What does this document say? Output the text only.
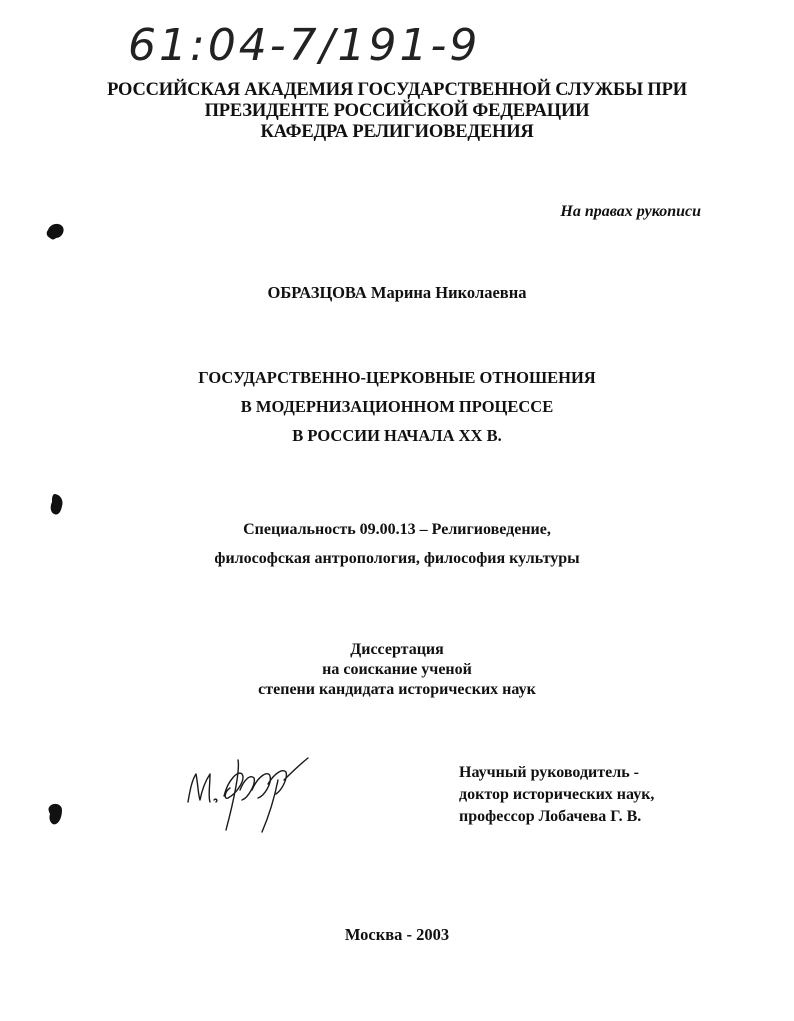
61:04-7/191-9
РОССИЙСКАЯ АКАДЕМИЯ ГОСУДАРСТВЕННОЙ СЛУЖБЫ ПРИ
ПРЕЗИДЕНТЕ РОССИЙСКОЙ ФЕДЕРАЦИИ
КАФЕДРА РЕЛИГИОВЕДЕНИЯ
На правах рукописи
ОБРАЗЦОВА Марина Николаевна
ГОСУДАРСТВЕННО-ЦЕРКОВНЫЕ ОТНОШЕНИЯ
В МОДЕРНИЗАЦИОННОМ ПРОЦЕССЕ
В РОССИИ НАЧАЛА XX В.
Специальность 09.00.13 – Религиоведение,
философская антропология, философия культуры
Диссертация
на соискание ученой
степени кандидата исторических наук
Научный руководитель -
доктор исторических наук,
профессор Лобачева Г. В.
Москва - 2003
